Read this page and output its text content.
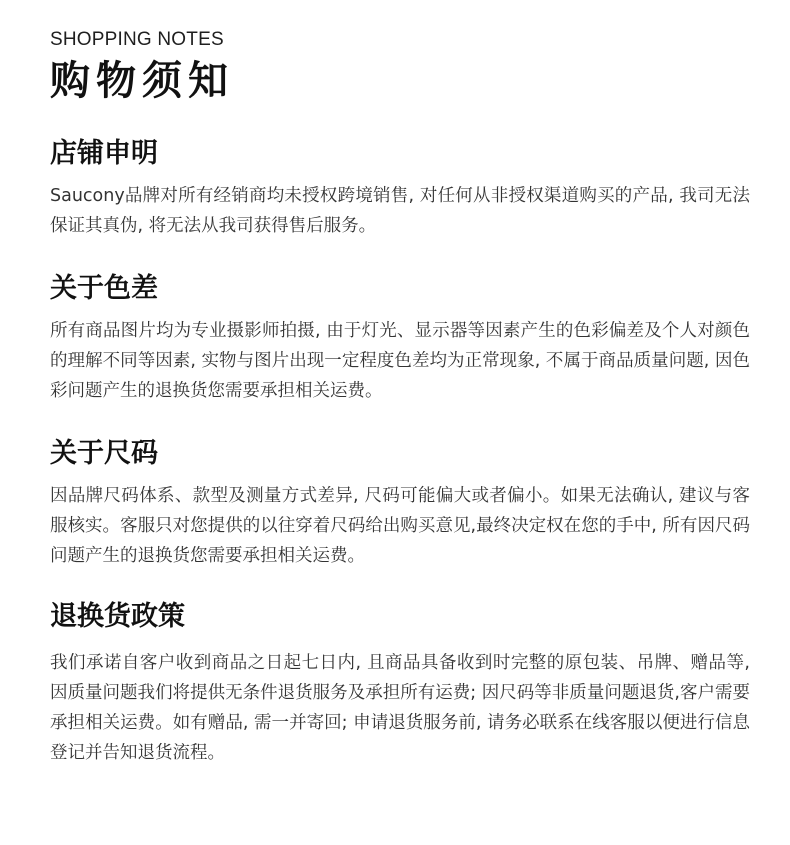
SHOPPING NOTES
购物须知
店铺申明

Saucony品牌对所有经销商均未授权跨境销售, 对任何从非授权渠道购买的产品, 我司无法保证其真伪, 将无法从我司获得售后服务。

关于色差

所有商品图片均为专业摄影师拍摄, 由于灯光、显示器等因素产生的色彩偏差及个人对颜色的理解不同等因素, 实物与图片出现一定程度色差均为正常现象, 不属于商品质量问题, 因色彩问题产生的退换货您需要承担相关运费。

关于尺码

因品牌尺码体系、款型及测量方式差异, 尺码可能偏大或者偏小。如果无法确认, 建议与客服核实。客服只对您提供的以往穿着尺码给出购买意见,最终决定权在您的手中, 所有因尺码问题产生的退换货您需要承担相关运费。

退换货政策

我们承诺自客户收到商品之日起七日内, 且商品具备收到时完整的原包装、吊牌、赠品等, 因质量问题我们将提供无条件退货服务及承担所有运费; 因尺码等非质量问题退货,客户需要承担相关运费。如有赠品, 需一并寄回; 申请退货服务前, 请务必联系在线客服以便进行信息登记并告知退货流程。
